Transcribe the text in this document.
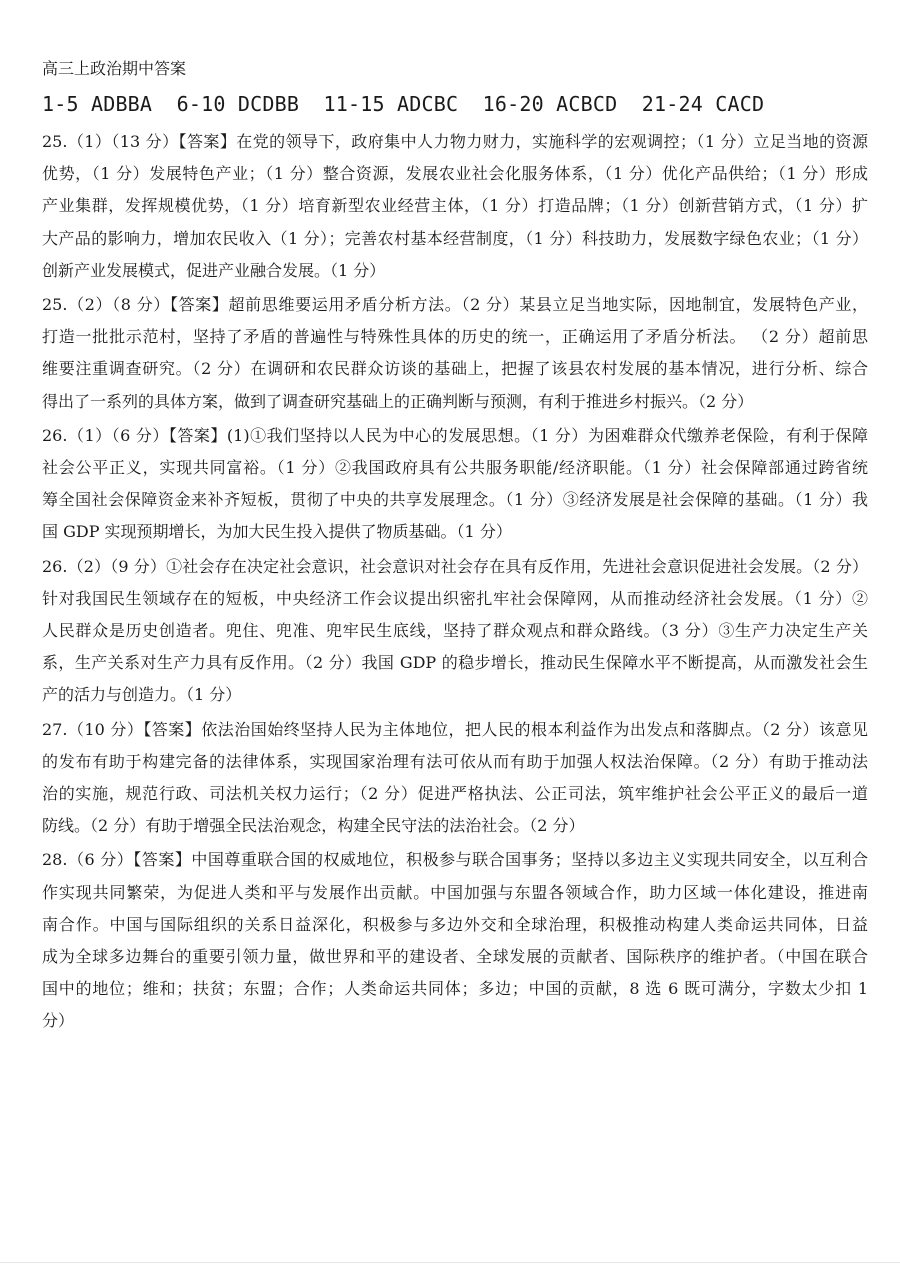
高三上政治期中答案
1-5 ADBBA  6-10 DCDBB  11-15 ADCBC  16-20 ACBCD  21-24 CACD
25.（1）（13 分）【答案】在党的领导下，政府集中人力物力财力，实施科学的宏观调控；（1 分）立足当地的资源
优势，（1 分）发展特色产业；（1 分）整合资源，发展农业社会化服务体系，（1 分）优化产品供给；（1 分）形成
产业集群，发挥规模优势，（1 分）培育新型农业经营主体，（1 分）打造品牌；（1 分）创新营销方式，（1 分）扩
大产品的影响力，增加农民收入（1 分）；完善农村基本经营制度，（1 分）科技助力，发展数字绿色农业；（1 分）
创新产业发展模式，促进产业融合发展。（1 分）
25.（2）（8 分）【答案】超前思维要运用矛盾分析方法。（2 分）某县立足当地实际，因地制宜，发展特色产业，
打造一批批示范村，坚持了矛盾的普遍性与特殊性具体的历史的统一，正确运用了矛盾分析法。 （2 分）超前思
维要注重调查研究。（2 分）在调研和农民群众访谈的基础上，把握了该县农村发展的基本情况，进行分析、综合
得出了一系列的具体方案，做到了调查研究基础上的正确判断与预测，有利于推进乡村振兴。（2 分）
26.（1）（6 分）【答案】(1)①我们坚持以人民为中心的发展思想。（1 分）为困难群众代缴养老保险，有利于保障
社会公平正义，实现共同富裕。（1 分）②我国政府具有公共服务职能/经济职能。（1 分）社会保障部通过跨省统
筹全国社会保障资金来补齐短板，贯彻了中央的共享发展理念。（1 分）③经济发展是社会保障的基础。（1 分）我
国 GDP 实现预期增长，为加大民生投入提供了物质基础。（1 分）
26.（2）（9 分）①社会存在决定社会意识，社会意识对社会存在具有反作用，先进社会意识促进社会发展。（2 分）
针对我国民生领域存在的短板，中央经济工作会议提出织密扎牢社会保障网，从而推动经济社会发展。（1 分）②
人民群众是历史创造者。兜住、兜准、兜牢民生底线，坚持了群众观点和群众路线。（3 分）③生产力决定生产关
系，生产关系对生产力具有反作用。（2 分）我国 GDP 的稳步增长，推动民生保障水平不断提高，从而激发社会生
产的活力与创造力。（1 分）
27.（10 分）【答案】依法治国始终坚持人民为主体地位，把人民的根本利益作为出发点和落脚点。（2 分）该意见
的发布有助于构建完备的法律体系，实现国家治理有法可依从而有助于加强人权法治保障。（2 分）有助于推动法
治的实施，规范行政、司法机关权力运行；（2 分）促进严格执法、公正司法，筑牢维护社会公平正义的最后一道
防线。（2 分）有助于增强全民法治观念，构建全民守法的法治社会。（2 分）
28.（6 分）【答案】中国尊重联合国的权威地位，积极参与联合国事务；坚持以多边主义实现共同安全，以互利合
作实现共同繁荣，为促进人类和平与发展作出贡献。中国加强与东盟各领域合作，助力区域一体化建设，推进南
南合作。中国与国际组织的关系日益深化，积极参与多边外交和全球治理，积极推动构建人类命运共同体，日益
成为全球多边舞台的重要引领力量，做世界和平的建设者、全球发展的贡献者、国际秩序的维护者。（中国在联合
国中的地位；维和；扶贫；东盟；合作；人类命运共同体；多边；中国的贡献，8 选 6 既可满分，字数太少扣 1
分）
